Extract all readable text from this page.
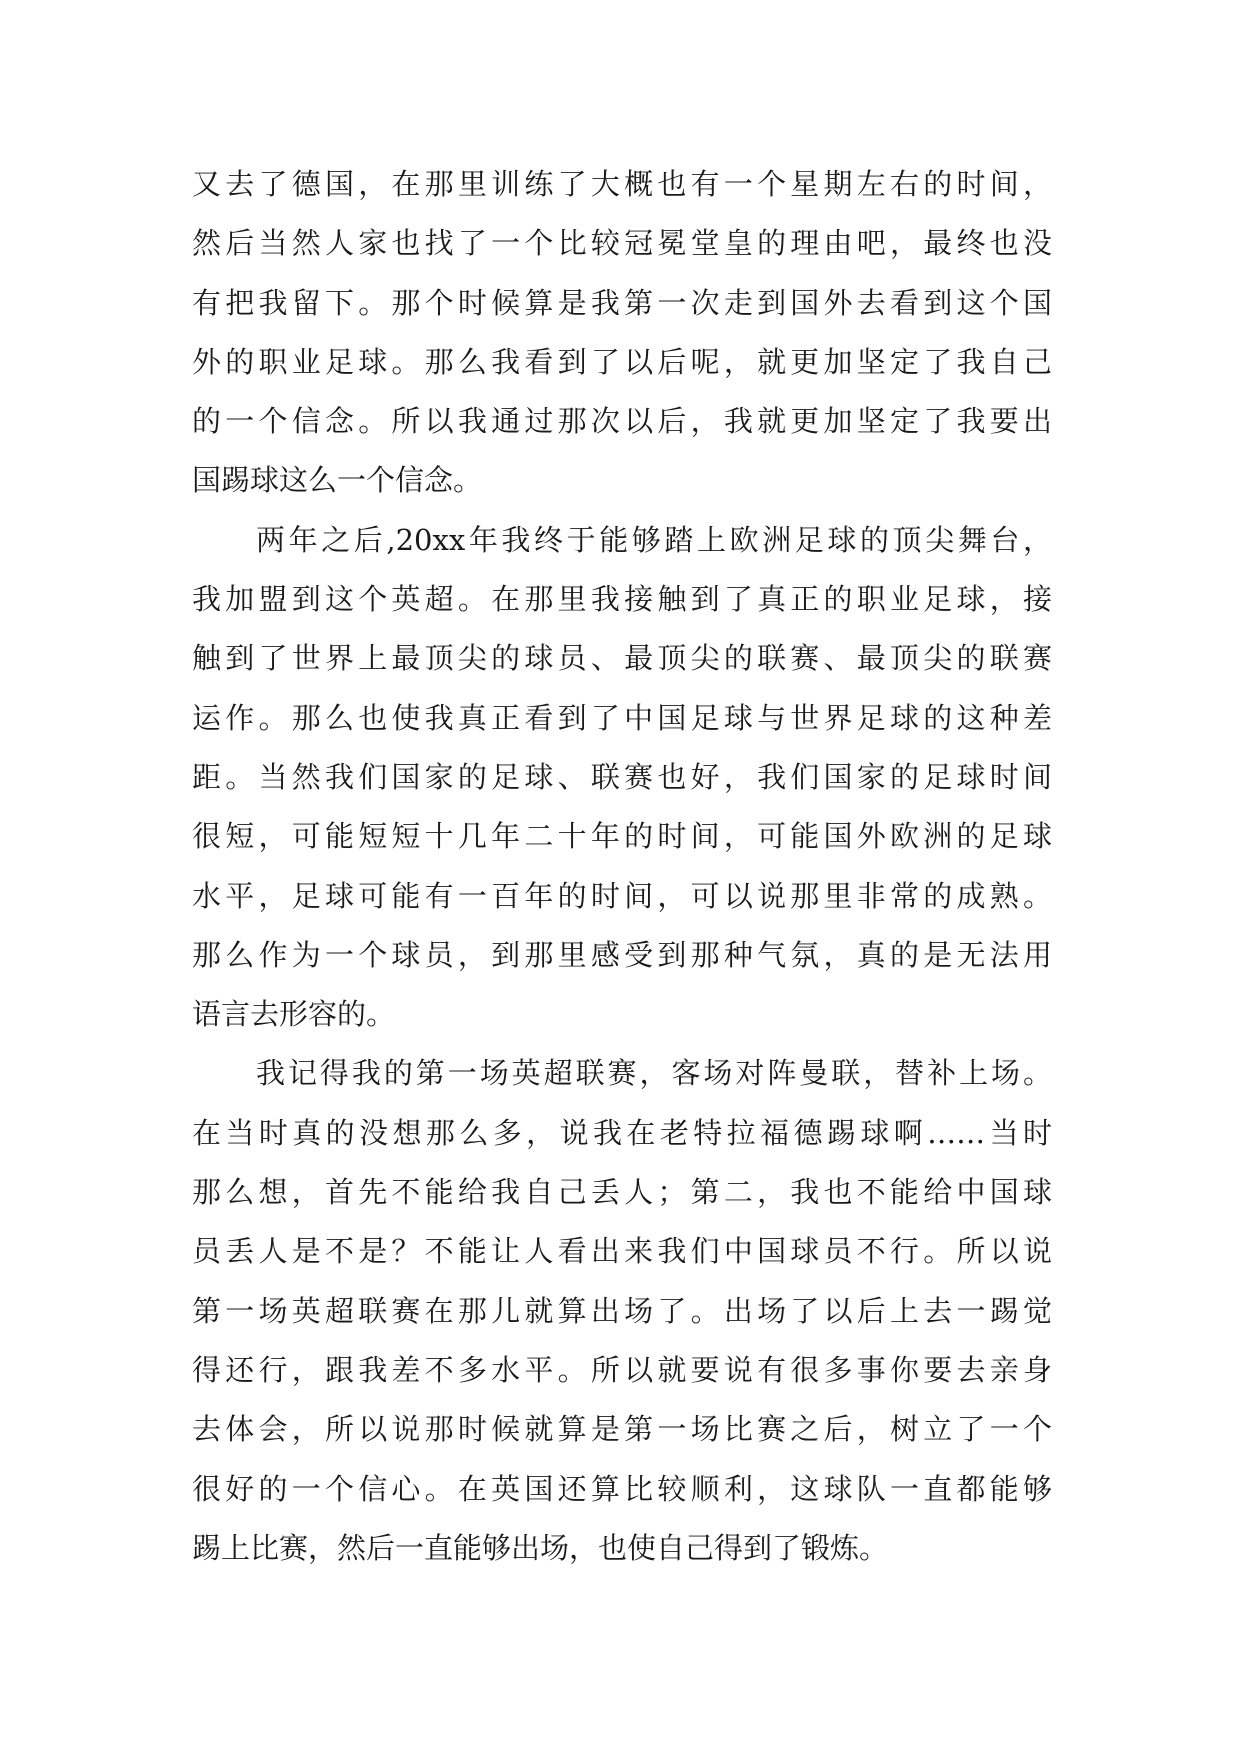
又去了德国，在那里训练了大概也有一个星期左右的时间，
然后当然人家也找了一个比较冠冕堂皇的理由吧，最终也没
有把我留下。那个时候算是我第一次走到国外去看到这个国
外的职业足球。那么我看到了以后呢，就更加坚定了我自己
的一个信念。所以我通过那次以后，我就更加坚定了我要出
国踢球这么一个信念。
两年之后,20xx年我终于能够踏上欧洲足球的顶尖舞台，
我加盟到这个英超。在那里我接触到了真正的职业足球，接
触到了世界上最顶尖的球员、最顶尖的联赛、最顶尖的联赛
运作。那么也使我真正看到了中国足球与世界足球的这种差
距。当然我们国家的足球、联赛也好，我们国家的足球时间
很短，可能短短十几年二十年的时间，可能国外欧洲的足球
水平，足球可能有一百年的时间，可以说那里非常的成熟。
那么作为一个球员，到那里感受到那种气氛，真的是无法用
语言去形容的。
我记得我的第一场英超联赛，客场对阵曼联，替补上场。
在当时真的没想那么多，说我在老特拉福德踢球啊……当时
那么想，首先不能给我自己丢人；第二，我也不能给中国球
员丢人是不是？不能让人看出来我们中国球员不行。所以说
第一场英超联赛在那儿就算出场了。出场了以后上去一踢觉
得还行，跟我差不多水平。所以就要说有很多事你要去亲身
去体会，所以说那时候就算是第一场比赛之后，树立了一个
很好的一个信心。在英国还算比较顺利，这球队一直都能够
踢上比赛，然后一直能够出场，也使自己得到了锻炼。
